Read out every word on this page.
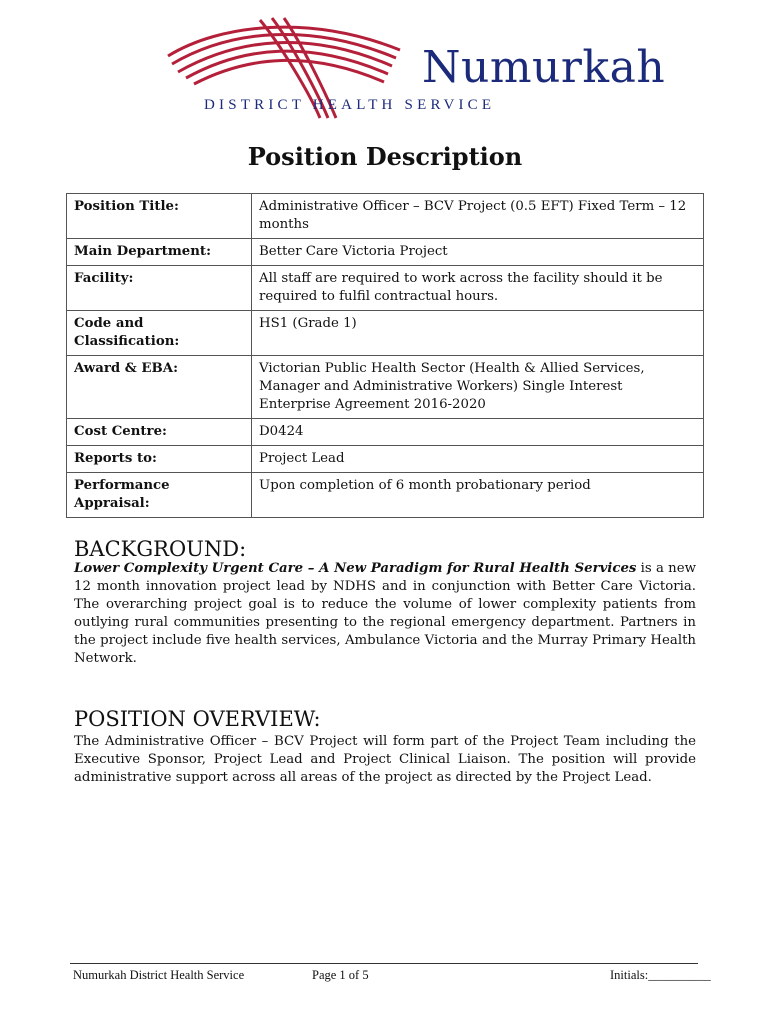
Numurkah
DISTRICT HEALTH SERVICE
Position Description
Position Title:	Administrative Officer – BCV Project (0.5 EFT) Fixed Term – 12 months
Main Department:	Better Care Victoria Project
Facility:	All staff are required to work across the facility should it be required to fulfil contractual hours.
Code and Classification:	HS1 (Grade 1)
Award & EBA:	Victorian Public Health Sector (Health & Allied Services, Manager and Administrative Workers) Single Interest Enterprise Agreement 2016-2020
Cost Centre:	D0424
Reports to:	Project Lead
Performance Appraisal:	Upon completion of 6 month probationary period
BACKGROUND:
Lower Complexity Urgent Care – A New Paradigm for Rural Health Services is a new 12 month innovation project lead by NDHS and in conjunction with Better Care Victoria. The overarching project goal is to reduce the volume of lower complexity patients from outlying rural communities presenting to the regional emergency department. Partners in the project include five health services, Ambulance Victoria and the Murray Primary Health Network.
POSITION OVERVIEW:
The Administrative Officer – BCV Project will form part of the Project Team including the Executive Sponsor, Project Lead and Project Clinical Liaison. The position will provide administrative support across all areas of the project as directed by the Project Lead.
Numurkah District Health Service	Page 1 of 5	Initials:__________
